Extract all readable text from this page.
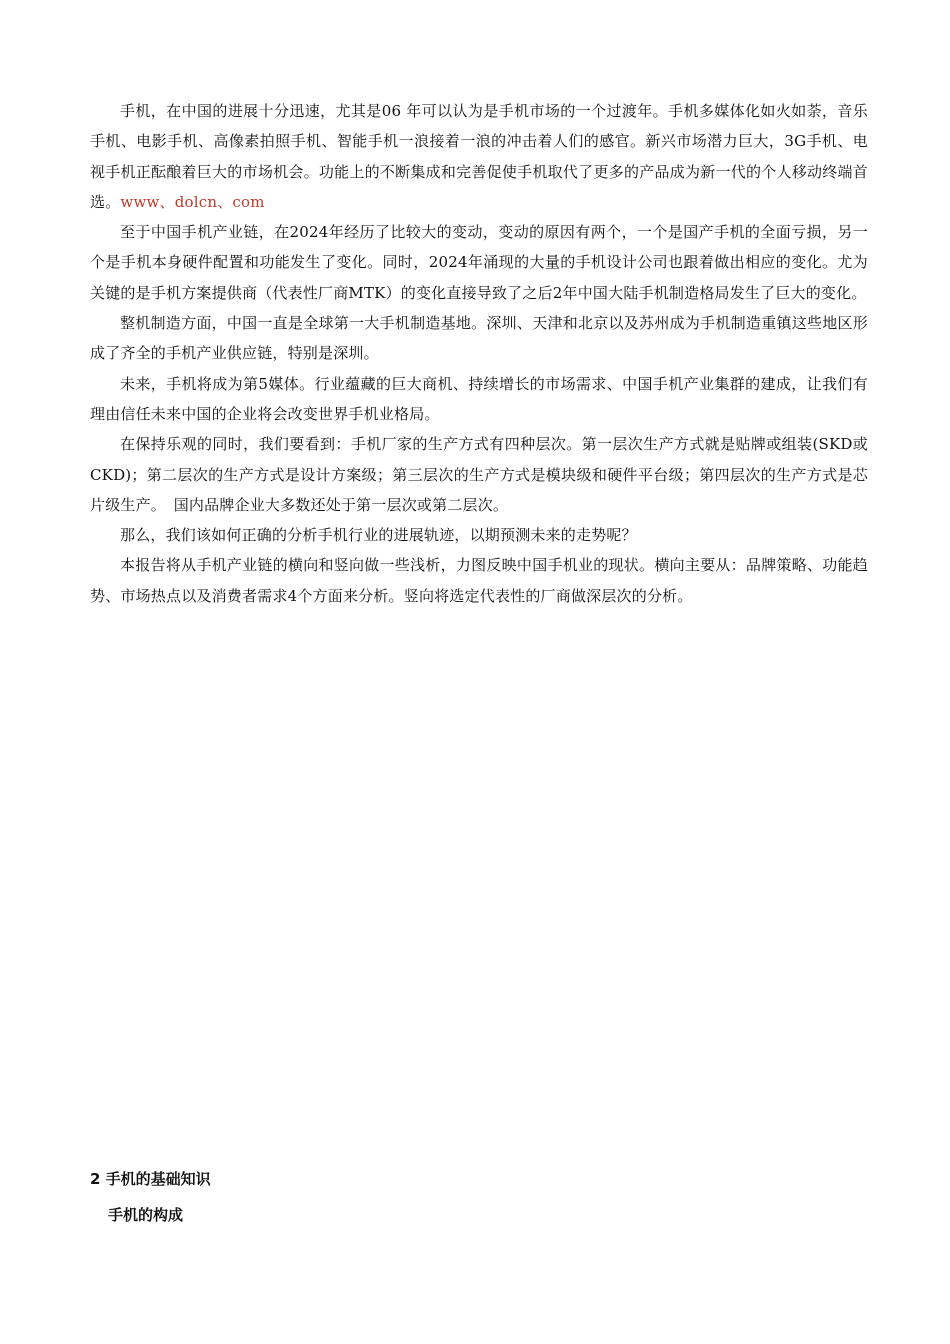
手机，在中国的进展十分迅速，尤其是06 年可以认为是手机市场的一个过渡年。手机多媒体化如火如荼，音乐手机、电影手机、高像素拍照手机、智能手机一浪接着一浪的冲击着人们的感官。新兴市场潜力巨大，3G手机、电视手机正酝酿着巨大的市场机会。功能上的不断集成和完善促使手机取代了更多的产品成为新一代的个人移动终端首选。www、dolcn、com

至于中国手机产业链，在2024年经历了比较大的变动，变动的原因有两个，一个是国产手机的全面亏损，另一个是手机本身硬件配置和功能发生了变化。同时，2024年涌现的大量的手机设计公司也跟着做出相应的变化。尤为关键的是手机方案提供商（代表性厂商MTK）的变化直接导致了之后2年中国大陆手机制造格局发生了巨大的变化。

整机制造方面，中国一直是全球第一大手机制造基地。深圳、天津和北京以及苏州成为手机制造重镇这些地区形成了齐全的手机产业供应链，特别是深圳。

未来，手机将成为第5媒体。行业蕴藏的巨大商机、持续增长的市场需求、中国手机产业集群的建成，让我们有理由信任未来中国的企业将会改变世界手机业格局。

在保持乐观的同时，我们要看到：手机厂家的生产方式有四种层次。第一层次生产方式就是贴牌或组装(SKD或CKD)；第二层次的生产方式是设计方案级；第三层次的生产方式是模块级和硬件平台级；第四层次的生产方式是芯片级生产。　国内品牌企业大多数还处于第一层次或第二层次。

那么，我们该如何正确的分析手机行业的进展轨迹，以期预测未来的走势呢？

本报告将从手机产业链的横向和竖向做一些浅析，力图反映中国手机业的现状。横向主要从：品牌策略、功能趋势、市场热点以及消费者需求4个方面来分析。竖向将选定代表性的厂商做深层次的分析。

2 手机的基础知识
手机的构成
